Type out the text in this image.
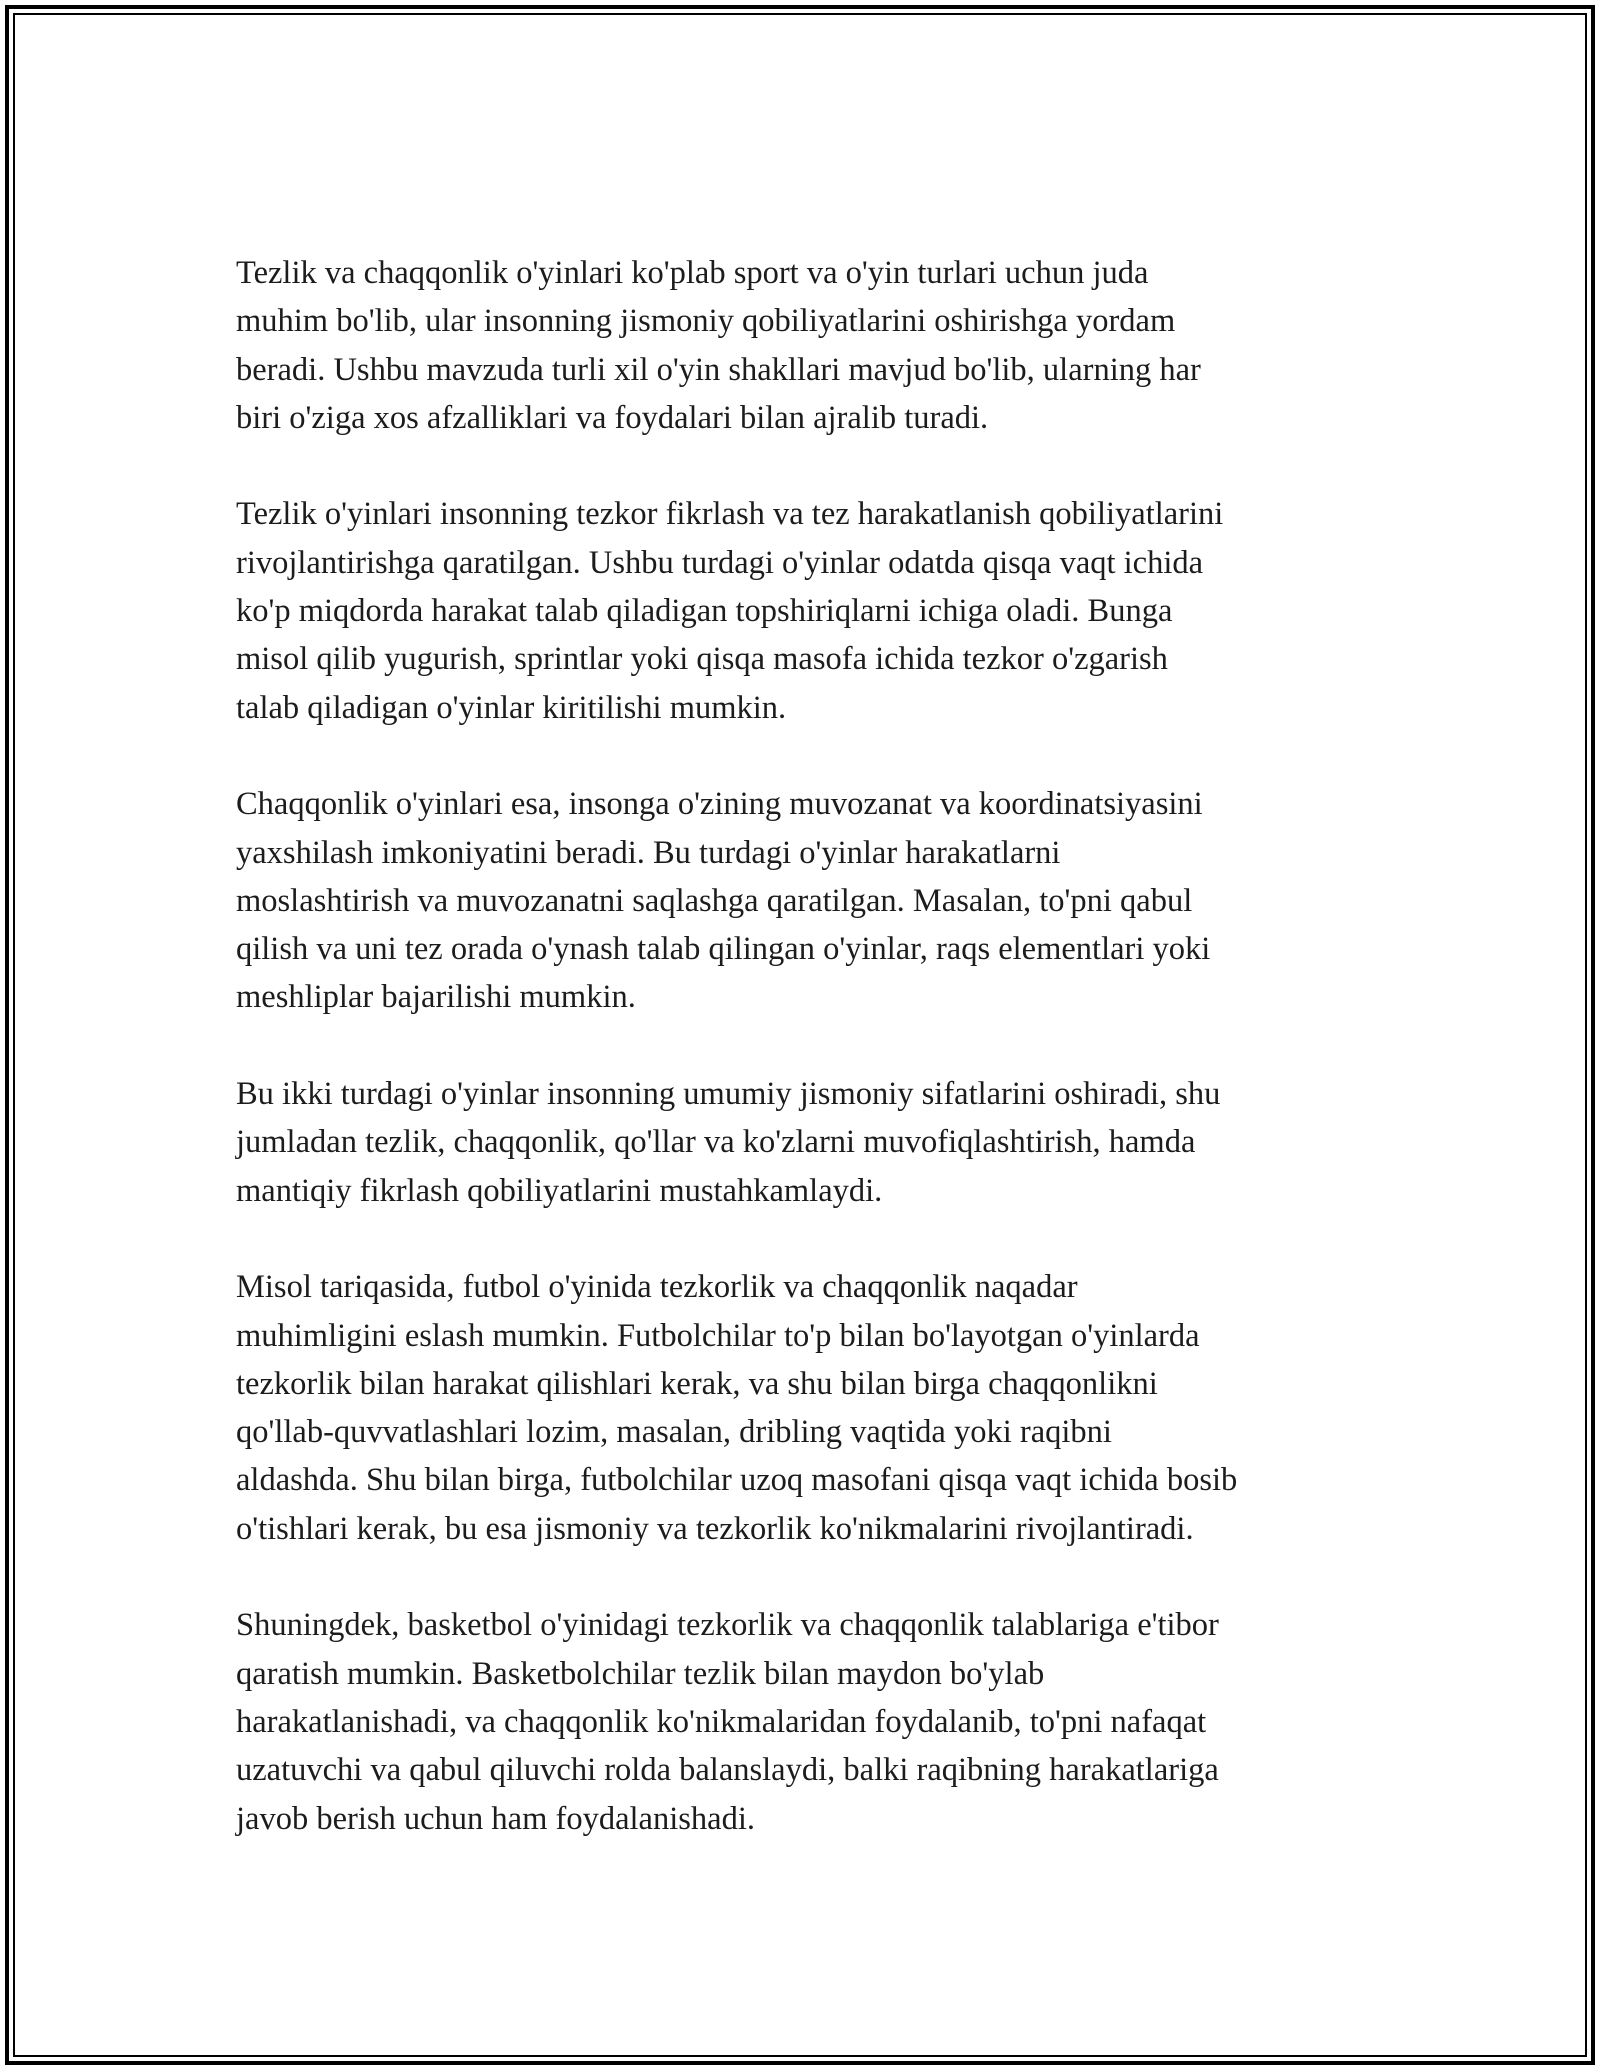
Tezlik va chaqqonlik o'yinlari ko'plab sport va o'yin turlari uchun juda
muhim bo'lib, ular insonning jismoniy qobiliyatlarini oshirishga yordam
beradi. Ushbu mavzuda turli xil o'yin shakllari mavjud bo'lib, ularning har
biri o'ziga xos afzalliklari va foydalari bilan ajralib turadi.

Tezlik o'yinlari insonning tezkor fikrlash va tez harakatlanish qobiliyatlarini
rivojlantirishga qaratilgan. Ushbu turdagi o'yinlar odatda qisqa vaqt ichida
ko'p miqdorda harakat talab qiladigan topshiriqlarni ichiga oladi. Bunga
misol qilib yugurish, sprintlar yoki qisqa masofa ichida tezkor o'zgarish
talab qiladigan o'yinlar kiritilishi mumkin.

Chaqqonlik o'yinlari esa, insonga o'zining muvozanat va koordinatsiyasini
yaxshilash imkoniyatini beradi. Bu turdagi o'yinlar harakatlarni
moslashtirish va muvozanatni saqlashga qaratilgan. Masalan, to'pni qabul
qilish va uni tez orada o'ynash talab qilingan o'yinlar, raqs elementlari yoki
meshliplar bajarilishi mumkin.

Bu ikki turdagi o'yinlar insonning umumiy jismoniy sifatlarini oshiradi, shu
jumladan tezlik, chaqqonlik, qo'llar va ko'zlarni muvofiqlashtirish, hamda
mantiqiy fikrlash qobiliyatlarini mustahkamlaydi.

Misol tariqasida, futbol o'yinida tezkorlik va chaqqonlik naqadar
muhimligini eslash mumkin. Futbolchilar to'p bilan bo'layotgan o'yinlarda
tezkorlik bilan harakat qilishlari kerak, va shu bilan birga chaqqonlikni
qo'llab-quvvatlashlari lozim, masalan, dribling vaqtida yoki raqibni
aldashda. Shu bilan birga, futbolchilar uzoq masofani qisqa vaqt ichida bosib
o'tishlari kerak, bu esa jismoniy va tezkorlik ko'nikmalarini rivojlantiradi.

Shuningdek, basketbol o'yinidagi tezkorlik va chaqqonlik talablariga e'tibor
qaratish mumkin. Basketbolchilar tezlik bilan maydon bo'ylab
harakatlanishadi, va chaqqonlik ko'nikmalaridan foydalanib, to'pni nafaqat
uzatuvchi va qabul qiluvchi rolda balanslaydi, balki raqibning harakatlariga
javob berish uchun ham foydalanishadi.
